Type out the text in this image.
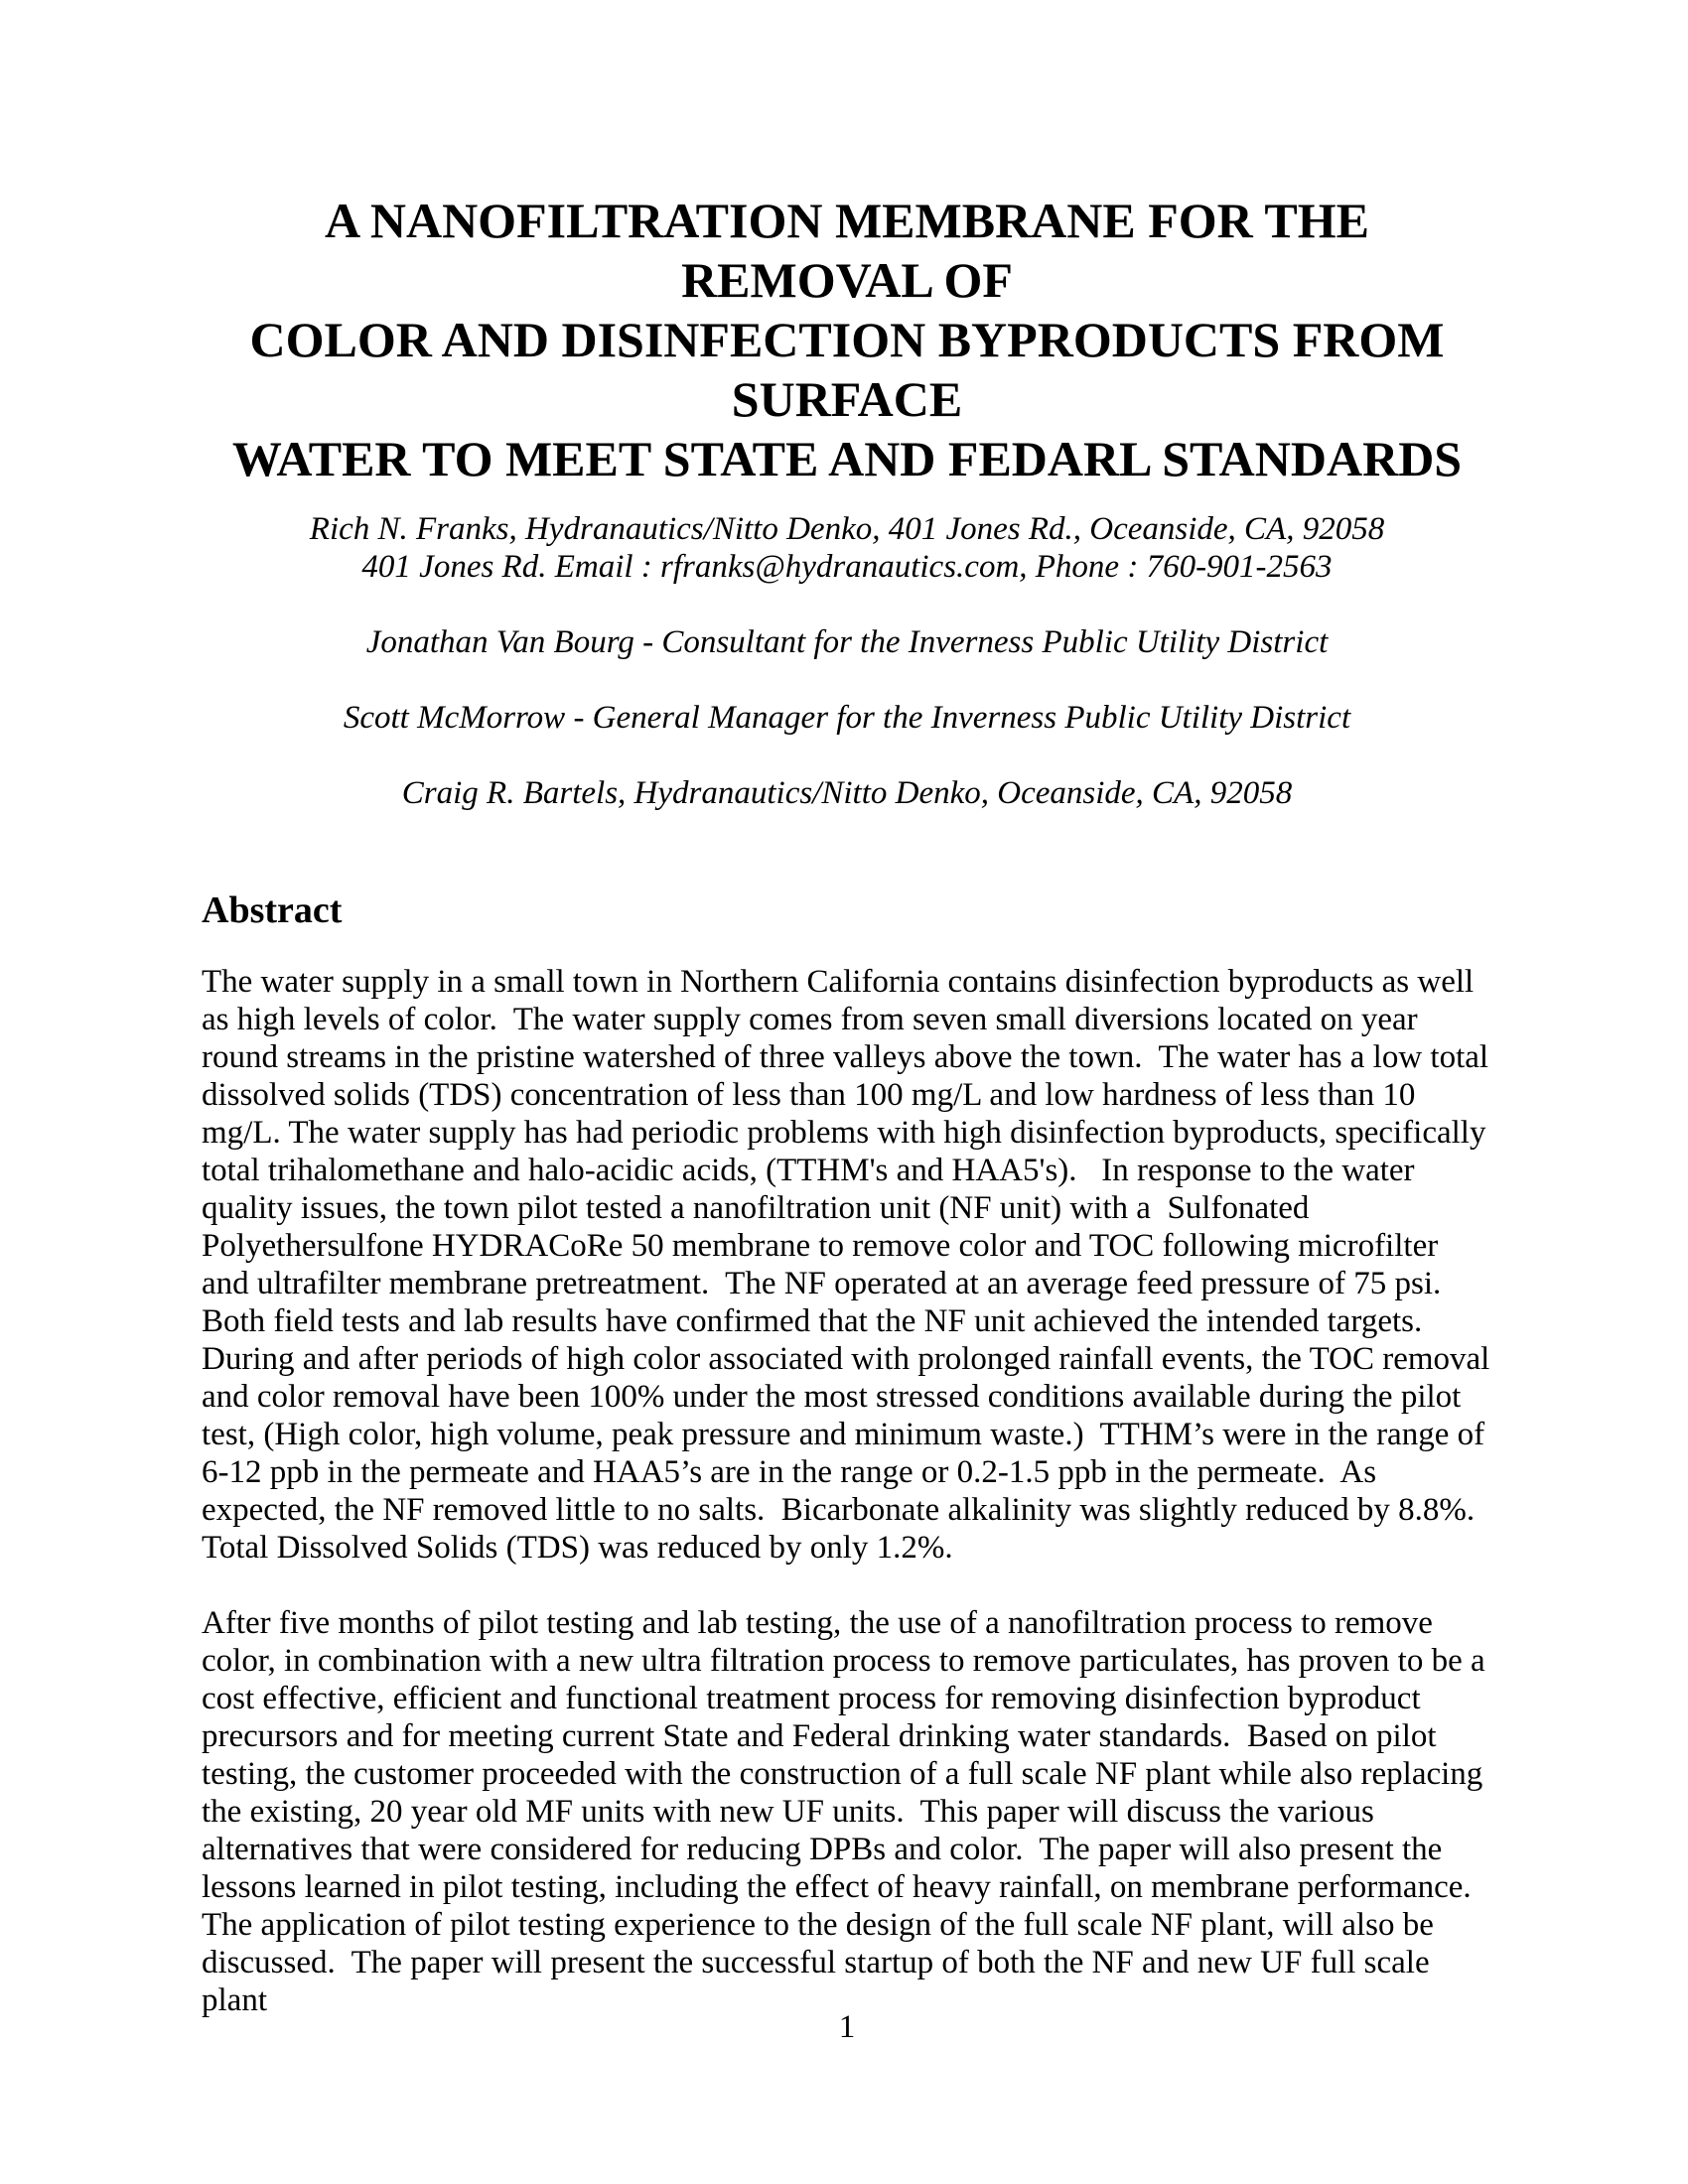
A NANOFILTRATION MEMBRANE FOR THE REMOVAL OF
COLOR AND DISINFECTION BYPRODUCTS FROM SURFACE
WATER TO MEET STATE AND FEDARL STANDARDS
Rich N. Franks, Hydranautics/Nitto Denko, 401 Jones Rd., Oceanside, CA, 92058
401 Jones Rd. Email : rfranks@hydranautics.com, Phone : 760-901-2563
Jonathan Van Bourg - Consultant for the Inverness Public Utility District
Scott McMorrow - General Manager for the Inverness Public Utility District
Craig R. Bartels, Hydranautics/Nitto Denko, Oceanside, CA, 92058
Abstract

The water supply in a small town in Northern California contains disinfection byproducts as well as high levels of color.  The water supply comes from seven small diversions located on year round streams in the pristine watershed of three valleys above the town.  The water has a low total dissolved solids (TDS) concentration of less than 100 mg/L and low hardness of less than 10 mg/L. The water supply has had periodic problems with high disinfection byproducts, specifically total trihalomethane and halo-acidic acids, (TTHM's and HAA5's).   In response to the water quality issues, the town pilot tested a nanofiltration unit (NF unit) with a  Sulfonated Polyethersulfone HYDRACoRe 50 membrane to remove color and TOC following microfilter and ultrafilter membrane pretreatment.  The NF operated at an average feed pressure of 75 psi.  Both field tests and lab results have confirmed that the NF unit achieved the intended targets.  During and after periods of high color associated with prolonged rainfall events, the TOC removal and color removal have been 100% under the most stressed conditions available during the pilot test, (High color, high volume, peak pressure and minimum waste.)  TTHM’s were in the range of 6-12 ppb in the permeate and HAA5’s are in the range or 0.2-1.5 ppb in the permeate.  As expected, the NF removed little to no salts.  Bicarbonate alkalinity was slightly reduced by 8.8%. Total Dissolved Solids (TDS) was reduced by only 1.2%.

After five months of pilot testing and lab testing, the use of a nanofiltration process to remove color, in combination with a new ultra filtration process to remove particulates, has proven to be a cost effective, efficient and functional treatment process for removing disinfection byproduct precursors and for meeting current State and Federal drinking water standards.  Based on pilot testing, the customer proceeded with the construction of a full scale NF plant while also replacing the existing, 20 year old MF units with new UF units.  This paper will discuss the various alternatives that were considered for reducing DPBs and color.  The paper will also present the lessons learned in pilot testing, including the effect of heavy rainfall, on membrane performance.  The application of pilot testing experience to the design of the full scale NF plant, will also be discussed.  The paper will present the successful startup of both the NF and new UF full scale plant

1
